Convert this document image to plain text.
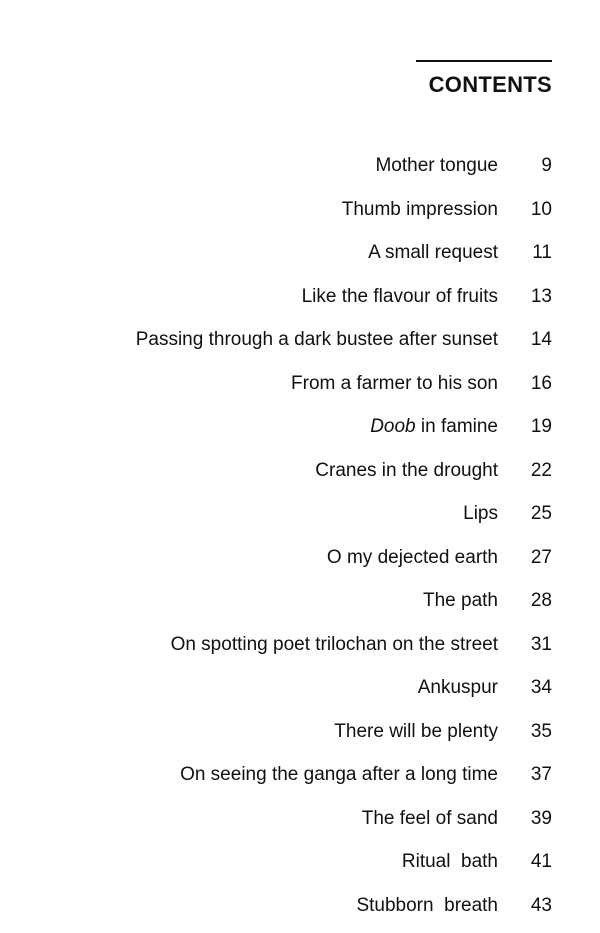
CONTENTS
Mother tongue	9
Thumb impression	10
A small request	11
Like the flavour of fruits	13
Passing through a dark bustee after sunset	14
From a farmer to his son	16
Doob in famine	19
Cranes in the drought	22
Lips	25
O my dejected earth	27
The path	28
On spotting poet trilochan on the street	31
Ankuspur	34
There will be plenty	35
On seeing the ganga after a long time	37
The feel of sand	39
Ritual  bath	41
Stubborn  breath	43
